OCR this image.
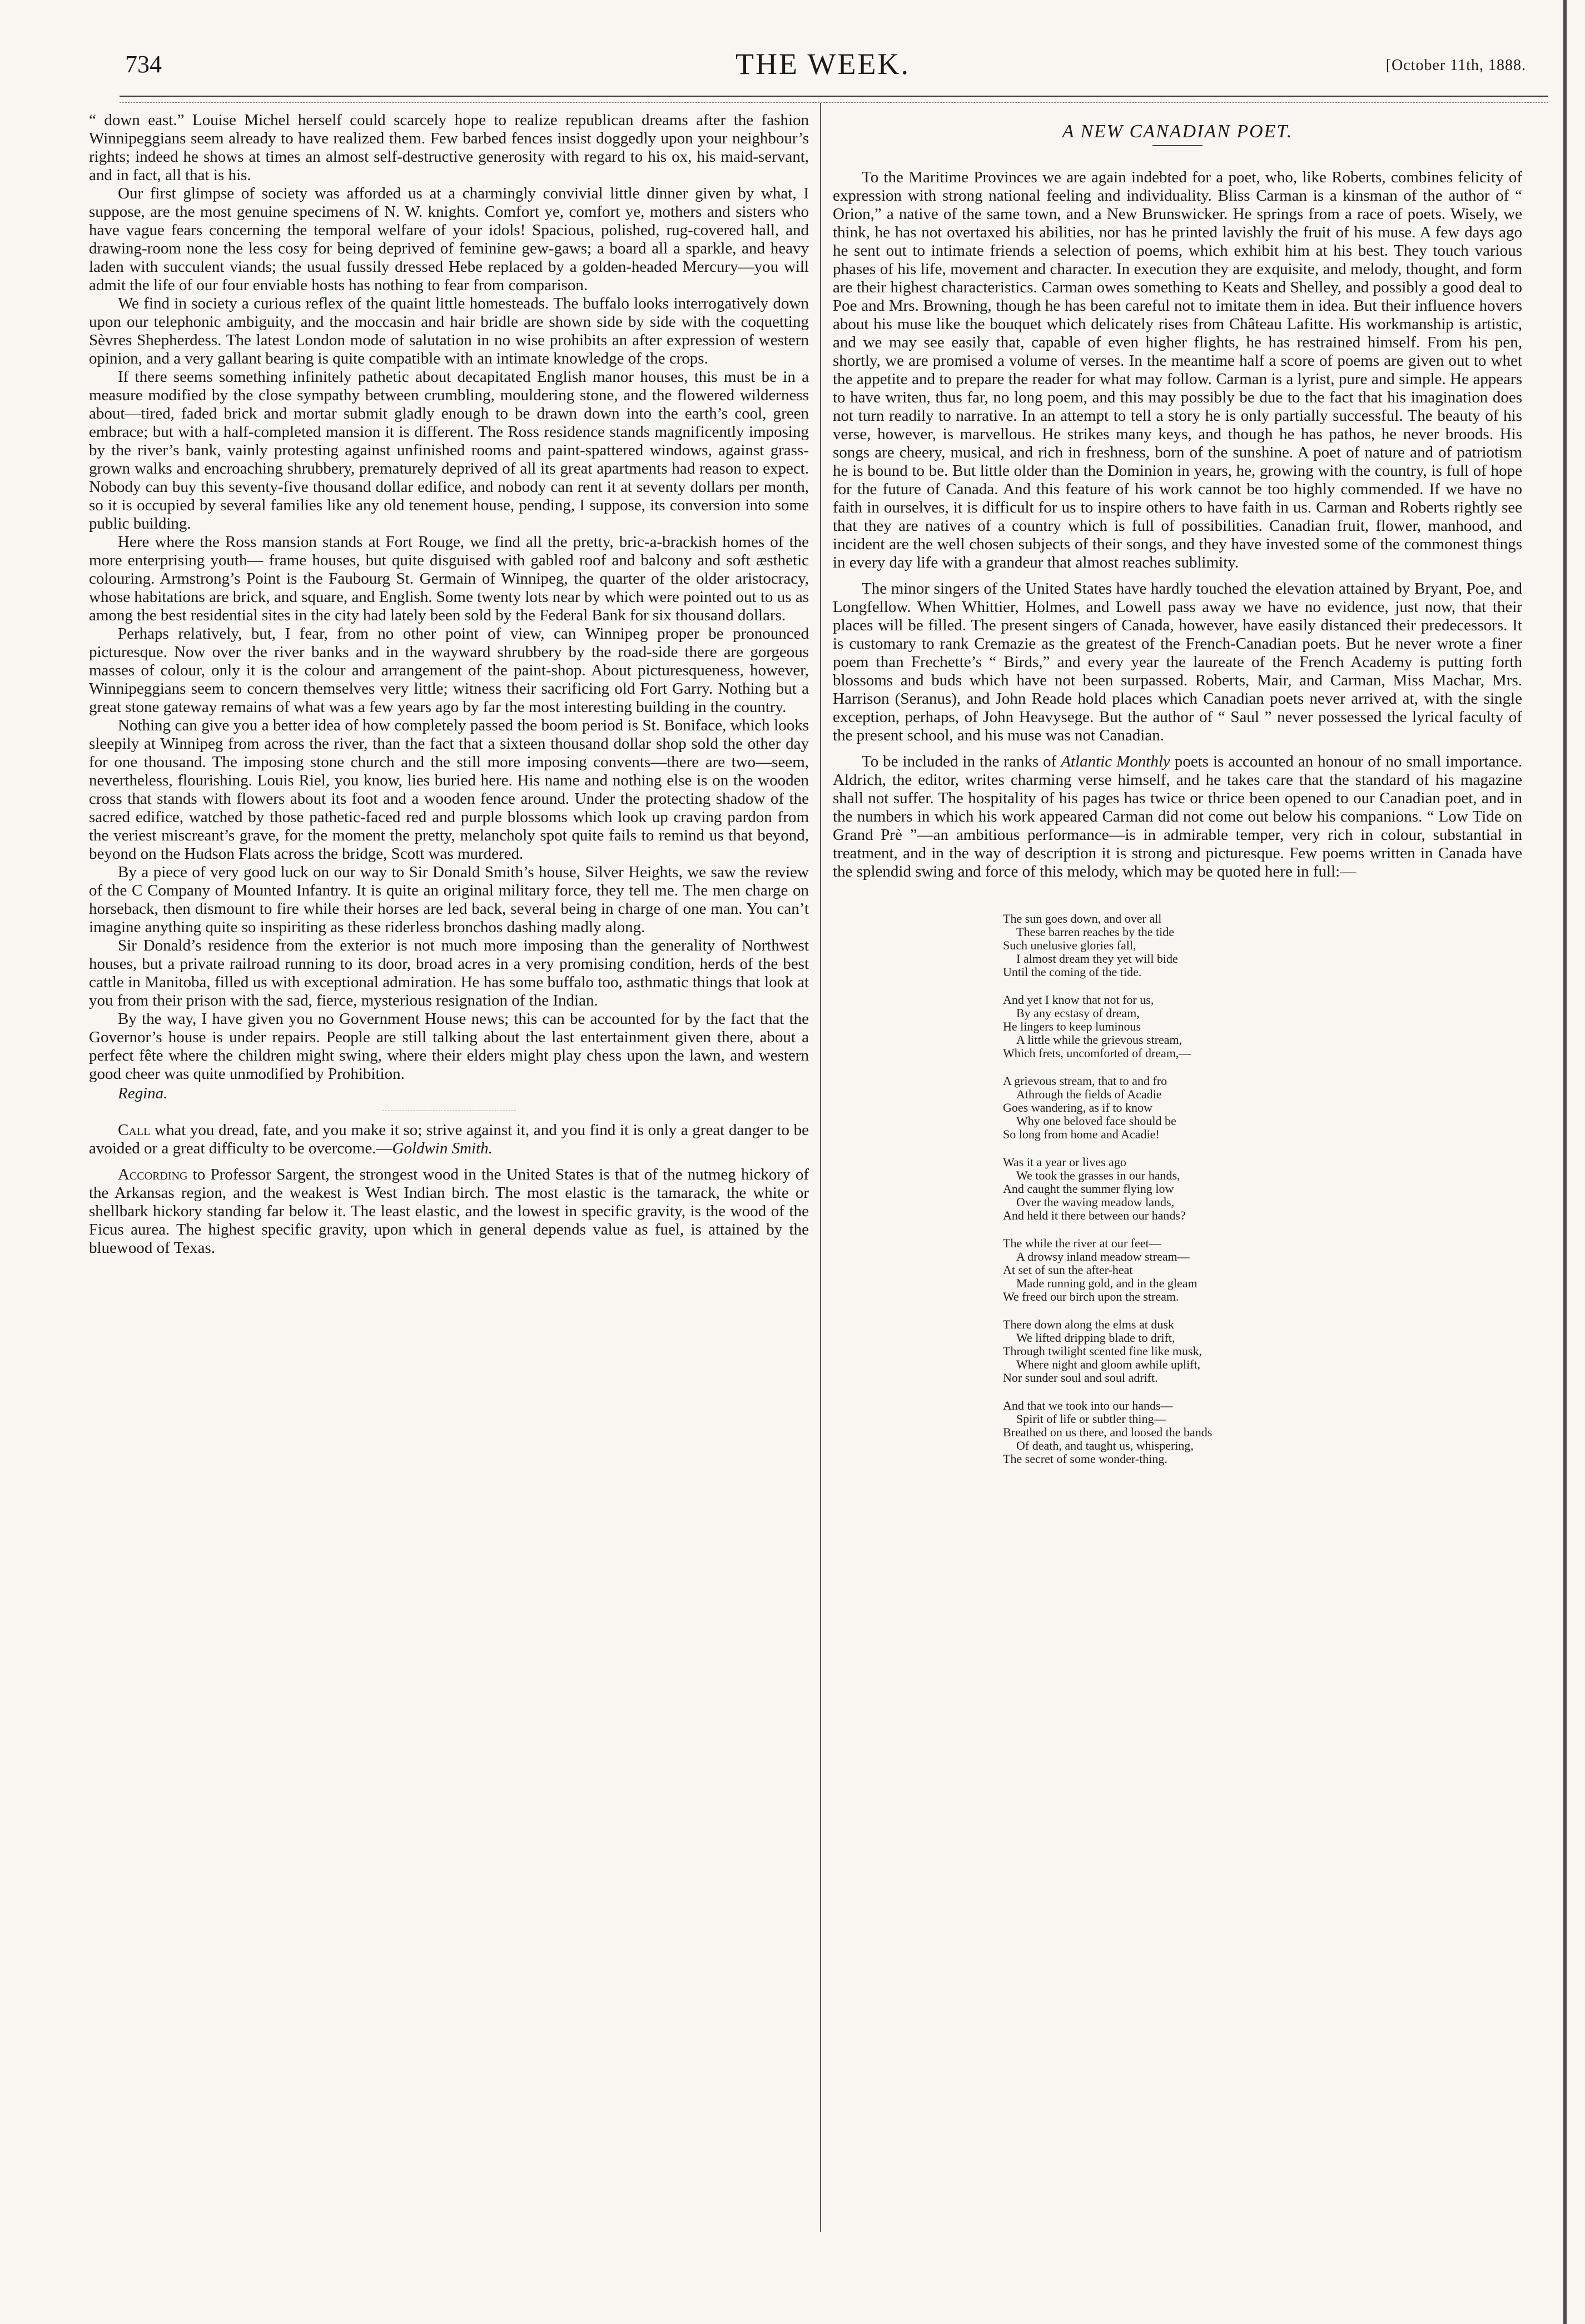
734	THE WEEK.	[October 11th, 1888.

“ down east.” Louise Michel herself could scarcely hope to realize republican dreams after the fashion Winnipeggians seem already to have realized them. Few barbed fences insist doggedly upon your neighbour’s rights; indeed he shows at times an almost self-destructive generosity with regard to his ox, his maid-servant, and in fact, all that is his.

Our first glimpse of society was afforded us at a charmingly convivial little dinner given by what, I suppose, are the most genuine specimens of N. W. knights. Comfort ye, comfort ye, mothers and sisters who have vague fears concerning the temporal welfare of your idols! Spacious, polished, rug-covered hall, and drawing-room none the less cosy for being deprived of feminine gew-gaws; a board all a sparkle, and heavy laden with succulent viands; the usual fussily dressed Hebe replaced by a golden-headed Mercury—you will admit the life of our four enviable hosts has nothing to fear from comparison.

We find in society a curious reflex of the quaint little homesteads. The buffalo looks interrogatively down upon our telephonic ambiguity, and the moccasin and hair bridle are shown side by side with the coquetting Sèvres Shepherdess. The latest London mode of salutation in no wise prohibits an after expression of western opinion, and a very gallant bearing is quite compatible with an intimate knowledge of the crops.

If there seems something infinitely pathetic about decapitated English manor houses, this must be in a measure modified by the close sympathy between crumbling, mouldering stone, and the flowered wilderness about—tired, faded brick and mortar submit gladly enough to be drawn down into the earth’s cool, green embrace; but with a half-completed mansion it is different. The Ross residence stands magnificently imposing by the river’s bank, vainly protesting against unfinished rooms and paint-spattered windows, against grass-grown walks and encroaching shrubbery, prematurely deprived of all its great apartments had reason to expect. Nobody can buy this seventy-five thousand dollar edifice, and nobody can rent it at seventy dollars per month, so it is occupied by several families like any old tenement house, pending, I suppose, its conversion into some public building.

Here where the Ross mansion stands at Fort Rouge, we find all the pretty, bric-a-brackish homes of the more enterprising youth— frame houses, but quite disguised with gabled roof and balcony and soft æsthetic colouring. Armstrong’s Point is the Faubourg St. Germain of Winnipeg, the quarter of the older aristocracy, whose habitations are brick, and square, and English. Some twenty lots near by which were pointed out to us as among the best residential sites in the city had lately been sold by the Federal Bank for six thousand dollars.

Perhaps relatively, but, I fear, from no other point of view, can Winnipeg proper be pronounced picturesque. Now over the river banks and in the wayward shrubbery by the road-side there are gorgeous masses of colour, only it is the colour and arrangement of the paint-shop. About picturesqueness, however, Winnipeggians seem to concern themselves very little; witness their sacrificing old Fort Garry. Nothing but a great stone gateway remains of what was a few years ago by far the most interesting building in the country.

Nothing can give you a better idea of how completely passed the boom period is St. Boniface, which looks sleepily at Winnipeg from across the river, than the fact that a sixteen thousand dollar shop sold the other day for one thousand. The imposing stone church and the still more imposing convents—there are two—seem, nevertheless, flourishing. Louis Riel, you know, lies buried here. His name and nothing else is on the wooden cross that stands with flowers about its foot and a wooden fence around. Under the protecting shadow of the sacred edifice, watched by those pathetic-faced red and purple blossoms which look up craving pardon from the veriest miscreant’s grave, for the moment the pretty, melancholy spot quite fails to remind us that beyond, beyond on the Hudson Flats across the bridge, Scott was murdered.

By a piece of very good luck on our way to Sir Donald Smith’s house, Silver Heights, we saw the review of the C Company of Mounted Infantry. It is quite an original military force, they tell me. The men charge on horseback, then dismount to fire while their horses are led back, several being in charge of one man. You can’t imagine anything quite so inspiriting as these riderless bronchos dashing madly along.

Sir Donald’s residence from the exterior is not much more imposing than the generality of Northwest houses, but a private railroad running to its door, broad acres in a very promising condition, herds of the best cattle in Manitoba, filled us with exceptional admiration. He has some buffalo too, asthmatic things that look at you from their prison with the sad, fierce, mysterious resignation of the Indian.

By the way, I have given you no Government House news; this can be accounted for by the fact that the Governor’s house is under repairs. People are still talking about the last entertainment given there, about a perfect fête where the children might swing, where their elders might play chess upon the lawn, and western good cheer was quite unmodified by Prohibition.

Regina.

Call what you dread, fate, and you make it so; strive against it, and you find it is only a great danger to be avoided or a great difficulty to be overcome.—Goldwin Smith.

According to Professor Sargent, the strongest wood in the United States is that of the nutmeg hickory of the Arkansas region, and the weakest is West Indian birch. The most elastic is the tamarack, the white or shellbark hickory standing far below it. The least elastic, and the lowest in specific gravity, is the wood of the Ficus aurea. The highest specific gravity, upon which in general depends value as fuel, is attained by the bluewood of Texas.

A NEW CANADIAN POET.

To the Maritime Provinces we are again indebted for a poet, who, like Roberts, combines felicity of expression with strong national feeling and individuality. Bliss Carman is a kinsman of the author of “ Orion,” a native of the same town, and a New Brunswicker. He springs from a race of poets. Wisely, we think, he has not overtaxed his abilities, nor has he printed lavishly the fruit of his muse. A few days ago he sent out to intimate friends a selection of poems, which exhibit him at his best. They touch various phases of his life, movement and character. In execution they are exquisite, and melody, thought, and form are their highest characteristics. Carman owes something to Keats and Shelley, and possibly a good deal to Poe and Mrs. Browning, though he has been careful not to imitate them in idea. But their influence hovers about his muse like the bouquet which delicately rises from Château Lafitte. His workmanship is artistic, and we may see easily that, capable of even higher flights, he has restrained himself. From his pen, shortly, we are promised a volume of verses. In the meantime half a score of poems are given out to whet the appetite and to prepare the reader for what may follow. Carman is a lyrist, pure and simple. He appears to have writen, thus far, no long poem, and this may possibly be due to the fact that his imagination does not turn readily to narrative. In an attempt to tell a story he is only partially successful. The beauty of his verse, however, is marvellous. He strikes many keys, and though he has pathos, he never broods. His songs are cheery, musical, and rich in freshness, born of the sunshine. A poet of nature and of patriotism he is bound to be. But little older than the Dominion in years, he, growing with the country, is full of hope for the future of Canada. And this feature of his work cannot be too highly commended. If we have no faith in ourselves, it is difficult for us to inspire others to have faith in us. Carman and Roberts rightly see that they are natives of a country which is full of possibilities. Canadian fruit, flower, manhood, and incident are the well chosen subjects of their songs, and they have invested some of the commonest things in every day life with a grandeur that almost reaches sublimity.

The minor singers of the United States have hardly touched the elevation attained by Bryant, Poe, and Longfellow. When Whittier, Holmes, and Lowell pass away we have no evidence, just now, that their places will be filled. The present singers of Canada, however, have easily distanced their predecessors. It is customary to rank Cremazie as the greatest of the French-Canadian poets. But he never wrote a finer poem than Frechette’s “ Birds,” and every year the laureate of the French Academy is putting forth blossoms and buds which have not been surpassed. Roberts, Mair, and Carman, Miss Machar, Mrs. Harrison (Seranus), and John Reade hold places which Canadian poets never arrived at, with the single exception, perhaps, of John Heavysege. But the author of “ Saul ” never possessed the lyrical faculty of the present school, and his muse was not Canadian.

To be included in the ranks of Atlantic Monthly poets is accounted an honour of no small importance. Aldrich, the editor, writes charming verse himself, and he takes care that the standard of his magazine shall not suffer. The hospitality of his pages has twice or thrice been opened to our Canadian poet, and in the numbers in which his work appeared Carman did not come out below his companions. “ Low Tide on Grand Prè ”—an ambitious performance—is in admirable temper, very rich in colour, substantial in treatment, and in the way of description it is strong and picturesque. Few poems written in Canada have the splendid swing and force of this melody, which may be quoted here in full:—

The sun goes down, and over all
These barren reaches by the tide
Such unelusive glories fall,
I almost dream they yet will bide
Until the coming of the tide.
And yet I know that not for us,
By any ecstasy of dream,
He lingers to keep luminous
A little while the grievous stream,
Which frets, uncomforted of dream,—
A grievous stream, that to and fro
Athrough the fields of Acadie
Goes wandering, as if to know
Why one beloved face should be
So long from home and Acadie!
Was it a year or lives ago
We took the grasses in our hands,
And caught the summer flying low
Over the waving meadow lands,
And held it there between our hands?
The while the river at our feet—
A drowsy inland meadow stream—
At set of sun the after-heat
Made running gold, and in the gleam
We freed our birch upon the stream.
There down along the elms at dusk
We lifted dripping blade to drift,
Through twilight scented fine like musk,
Where night and gloom awhile uplift,
Nor sunder soul and soul adrift.
And that we took into our hands—
Spirit of life or subtler thing—
Breathed on us there, and loosed the bands
Of death, and taught us, whispering,
The secret of some wonder-thing.
